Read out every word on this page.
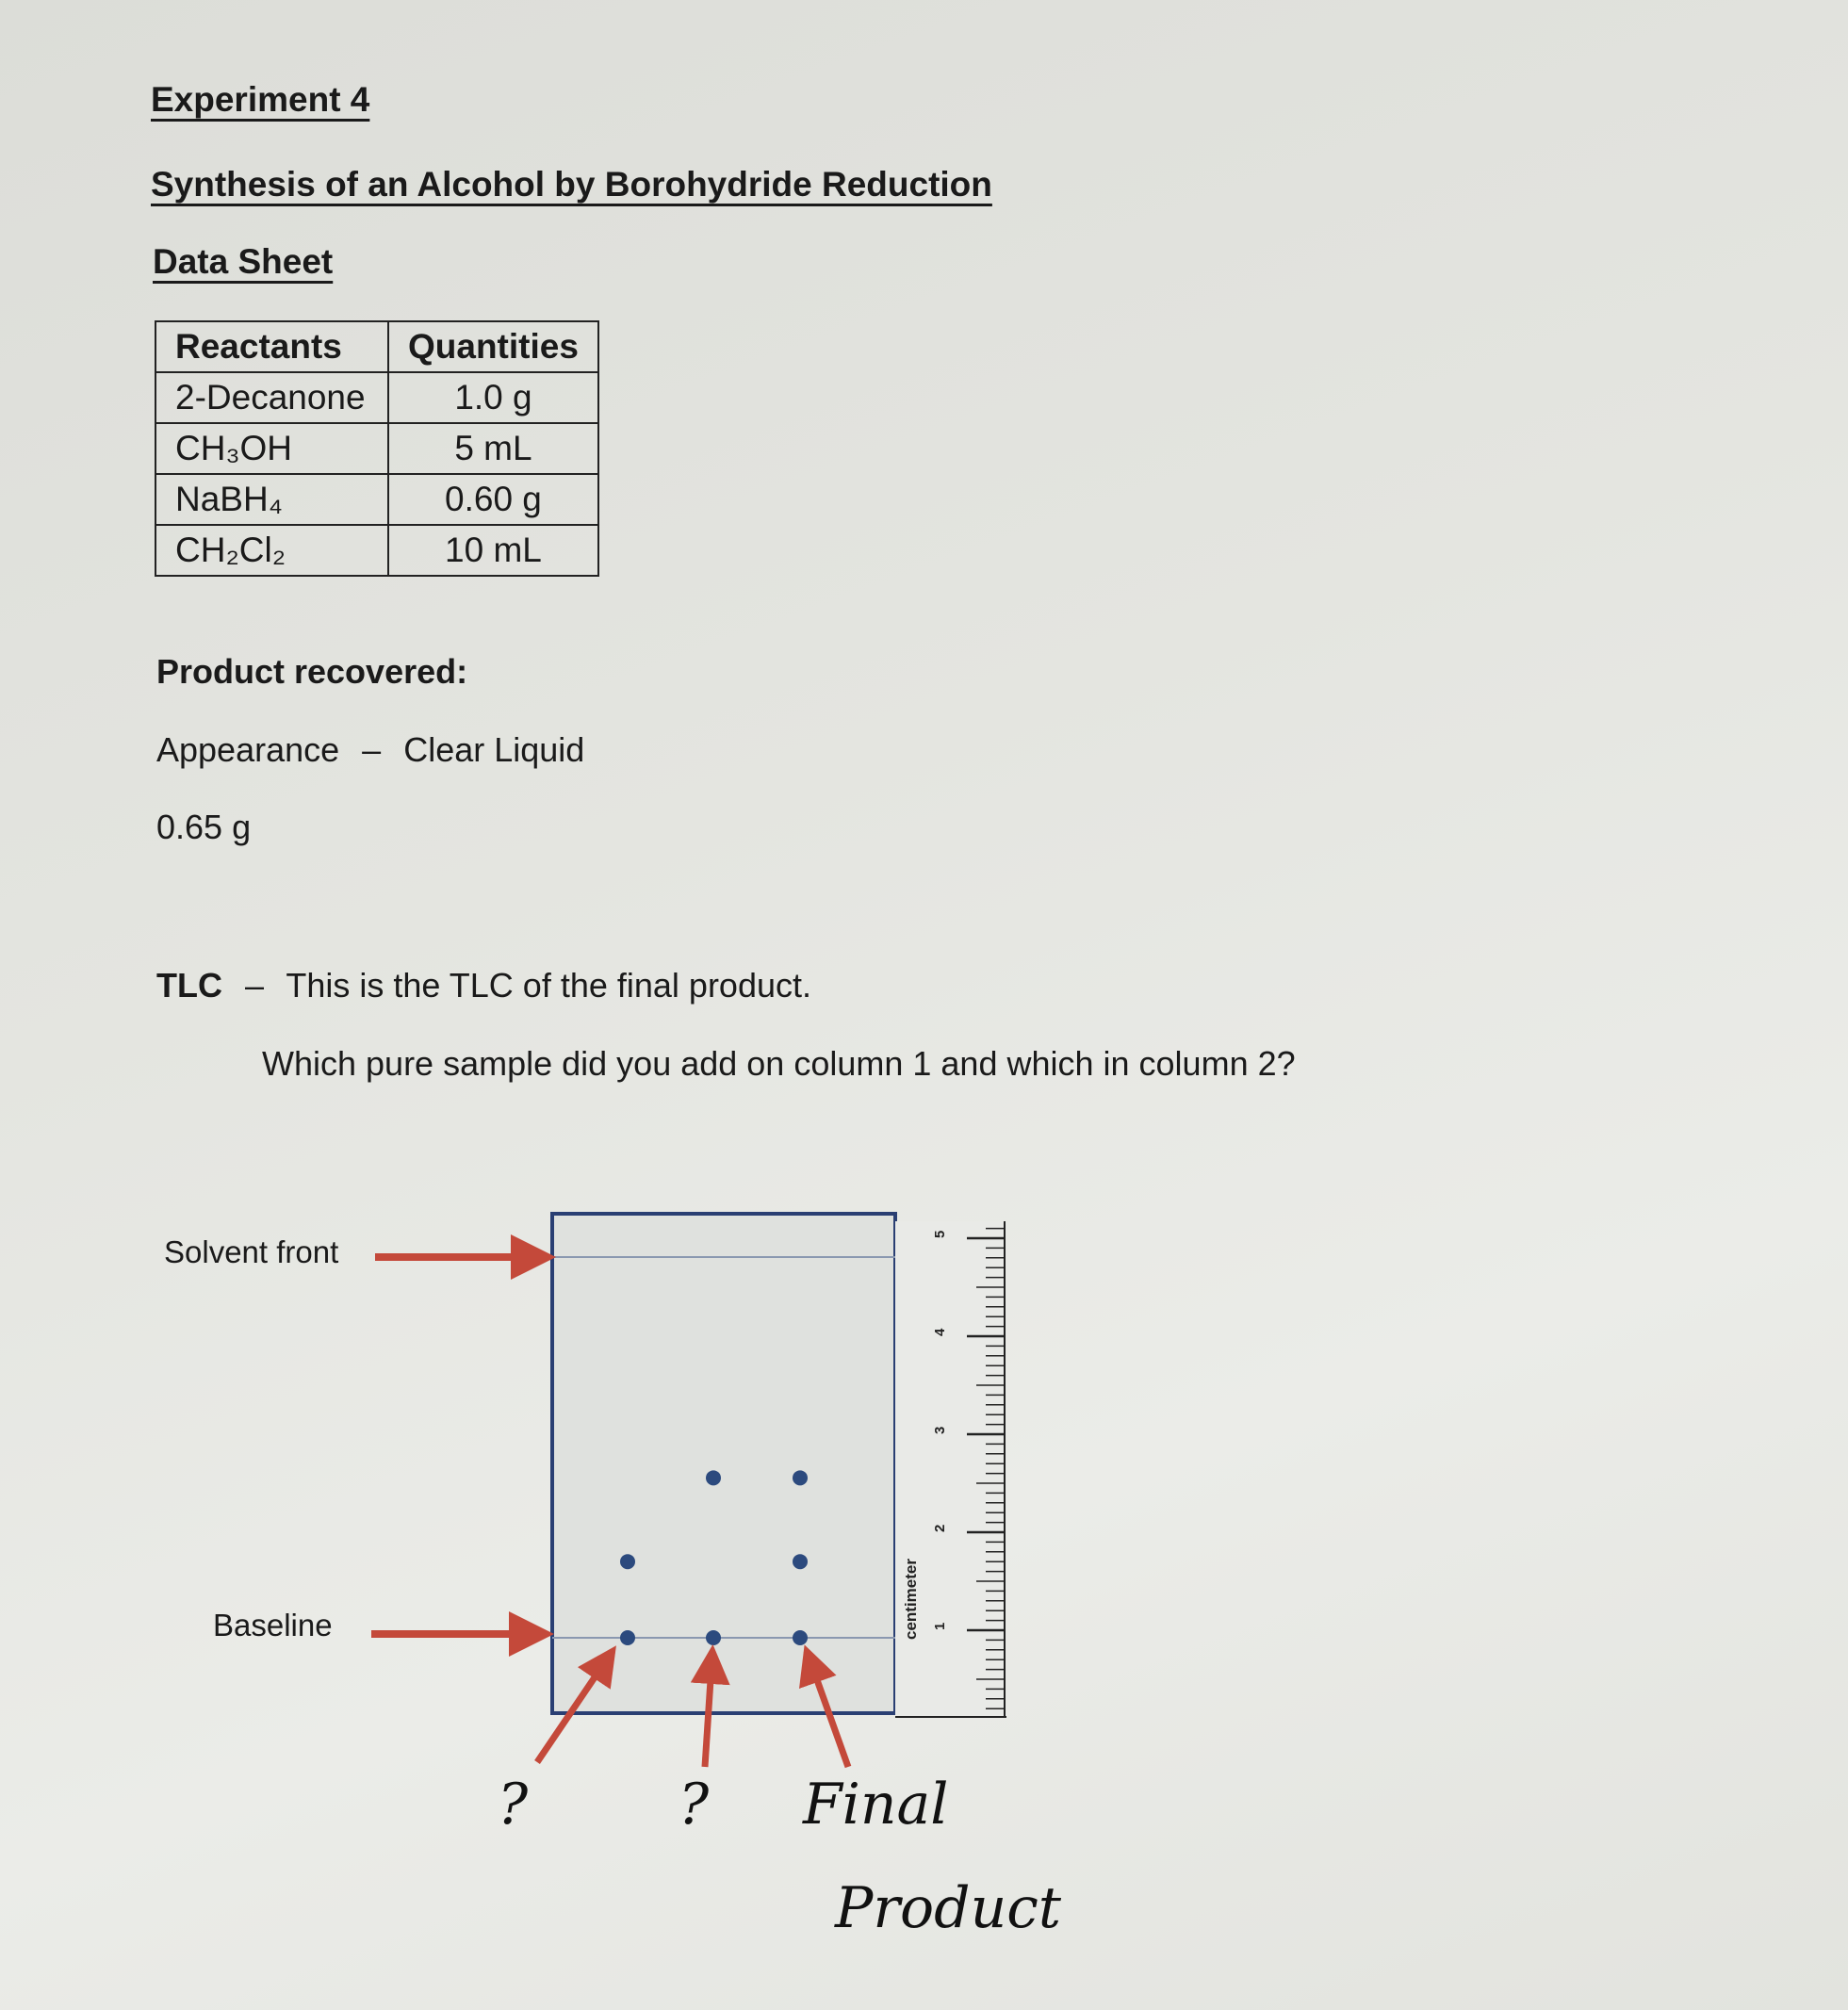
Experiment 4
Synthesis of an Alcohol by Borohydride Reduction
Data Sheet
Reactants	Quantities
2-Decanone	1.0 g
CH₃OH	5 mL
NaBH₄	0.60 g
CH₂Cl₂	10 mL
Product recovered:
Appearance – Clear Liquid
0.65 g
TLC – This is the TLC of the final product.
Which pure sample did you add on column 1 and which in column 2?
Solvent front
Baseline	centimeter 1
2
3
4
5
?	? Final
Product
